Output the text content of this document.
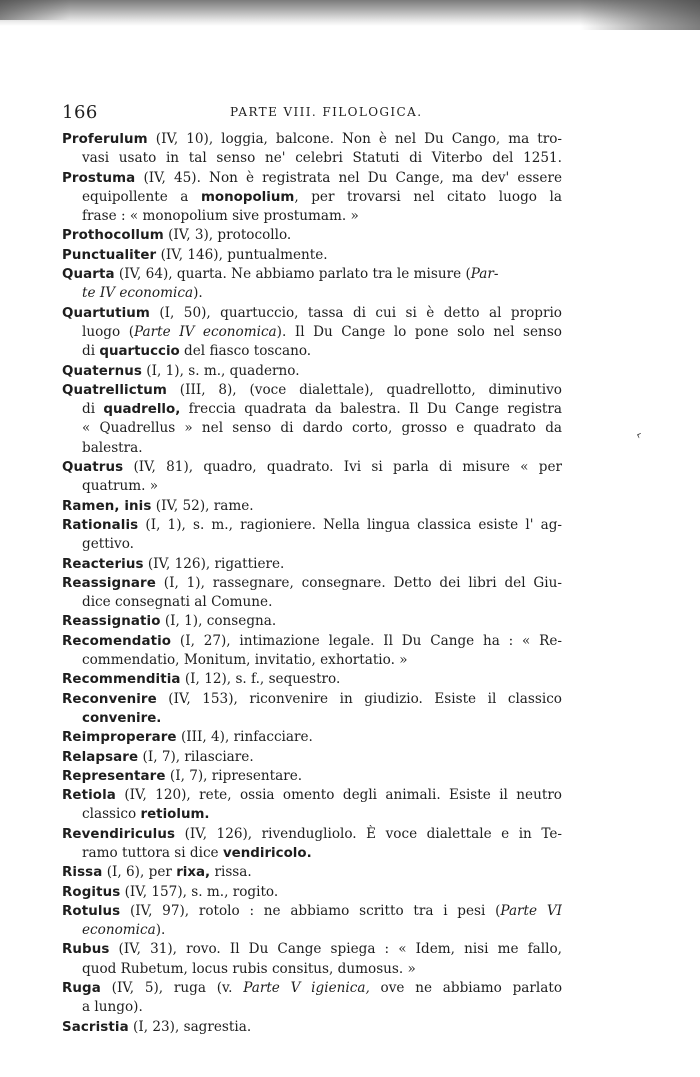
166	PARTE VIII. FILOLOGICA.
Proferulum (IV, 10), loggia, balcone. Non è nel Du Cango, ma tro-
vasi usato in tal senso ne' celebri Statuti di Viterbo del 1251.
Prostuma (IV, 45). Non è registrata nel Du Cange, ma dev' essere
equipollente a monopolium, per trovarsi nel citato luogo la
frase : « monopolium sive prostumam. »
Prothocollum (IV, 3), protocollo.
Punctualiter (IV, 146), puntualmente.
Quarta (IV, 64), quarta. Ne abbiamo parlato tra le misure (Par-
te IV economica).
Quartutium (I, 50), quartuccio, tassa di cui si è detto al proprio
luogo (Parte IV economica). Il Du Cange lo pone solo nel senso
di quartuccio del fiasco toscano.
Quaternus (I, 1), s. m., quaderno.
Quatrellictum (III, 8), (voce dialettale), quadrellotto, diminutivo
di quadrello, freccia quadrata da balestra. Il Du Cange registra
« Quadrellus » nel senso di dardo corto, grosso e quadrato da
balestra.
Quatrus (IV, 81), quadro, quadrato. Ivi si parla di misure « per
quatrum. »
Ramen, inis (IV, 52), rame.
Rationalis (I, 1), s. m., ragioniere. Nella lingua classica esiste l' ag-
gettivo.
Reacterius (IV, 126), rigattiere.
Reassignare (I, 1), rassegnare, consegnare. Detto dei libri del Giu-
dice consegnati al Comune.
Reassignatio (I, 1), consegna.
Recomendatio (I, 27), intimazione legale. Il Du Cange ha : « Re-
commendatio, Monitum, invitatio, exhortatio. »
Recommenditia (I, 12), s. f., sequestro.
Reconvenire (IV, 153), riconvenire in giudizio. Esiste il classico
convenire.
Reimproperare (III, 4), rinfacciare.
Relapsare (I, 7), rilasciare.
Representare (I, 7), ripresentare.
Retiola (IV, 120), rete, ossia omento degli animali. Esiste il neutro
classico retiolum.
Revendiriculus (IV, 126), rivendugliolo. È voce dialettale e in Te-
ramo tuttora si dice vendiricolo.
Rissa (I, 6), per rixa, rissa.
Rogitus (IV, 157), s. m., rogito.
Rotulus (IV, 97), rotolo : ne abbiamo scritto tra i pesi (Parte VI
economica).
Rubus (IV, 31), rovo. Il Du Cange spiega : « Idem, nisi me fallo,
quod Rubetum, locus rubis consitus, dumosus. »
Ruga (IV, 5), ruga (v. Parte V igienica, ove ne abbiamo parlato
a lungo).
Sacristia (I, 23), sagrestia.
‹
